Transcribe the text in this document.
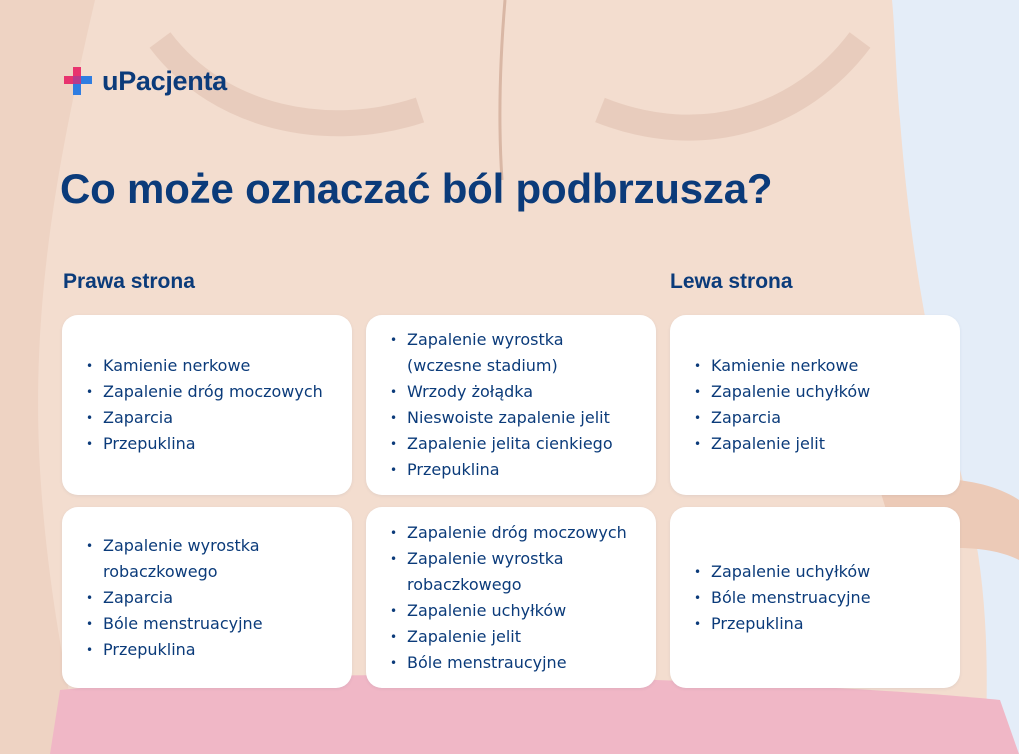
uPacjenta
Co może oznaczać ból podbrzusza?
Prawa strona	Lewa strona
• Kamienie nerkowe
• Zapalenie dróg moczowych
• Zaparcia
• Przepuklina
• Zapalenie wyrostka (wczesne stadium)
• Wrzody żołądka
• Nieswoiste zapalenie jelit
• Zapalenie jelita cienkiego
• Przepuklina
• Kamienie nerkowe
• Zapalenie uchyłków
• Zaparcia
• Zapalenie jelit
• Zapalenie wyrostka robaczkowego
• Zaparcia
• Bóle menstruacyjne
• Przepuklina
• Zapalenie dróg moczowych
• Zapalenie wyrostka robaczkowego
• Zapalenie uchyłków
• Zapalenie jelit
• Bóle menstraucyjne
• Zapalenie uchyłków
• Bóle menstruacyjne
• Przepuklina
